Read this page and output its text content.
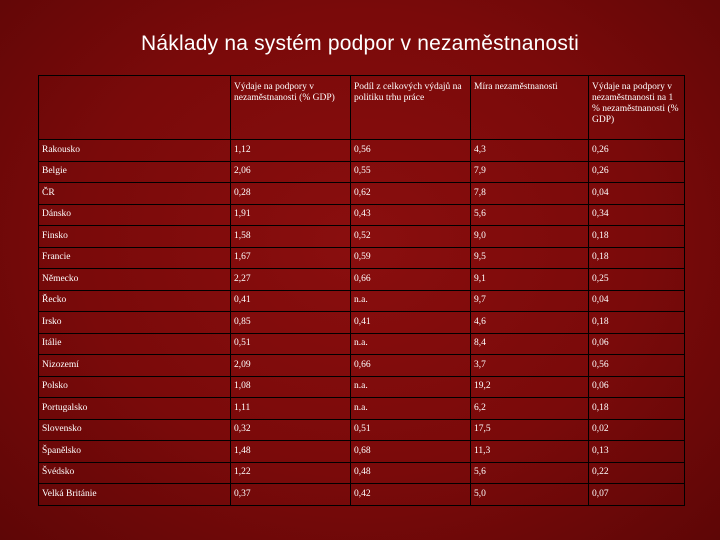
Náklady na systém podpor v nezaměstnanosti
	Výdaje na podpory v nezaměstnanosti (% GDP)	Podíl z celkových výdajů na politiku trhu práce	Míra nezaměstnanosti	Výdaje na podpory v nezaměstnanosti na 1 % nezaměstnanosti (% GDP)
Rakousko	1,12	0,56	4,3	0,26
Belgie	2,06	0,55	7,9	0,26
ČR	0,28	0,62	7,8	0,04
Dánsko	1,91	0,43	5,6	0,34
Finsko	1,58	0,52	9,0	0,18
Francie	1,67	0,59	9,5	0,18
Německo	2,27	0,66	9,1	0,25
Řecko	0,41	n.a.	9,7	0,04
Irsko	0,85	0,41	4,6	0,18
Itálie	0,51	n.a.	8,4	0,06
Nizozemí	2,09	0,66	3,7	0,56
Polsko	1,08	n.a.	19,2	0,06
Portugalsko	1,11	n.a.	6,2	0,18
Slovensko	0,32	0,51	17,5	0,02
Španělsko	1,48	0,68	11,3	0,13
Švédsko	1,22	0,48	5,6	0,22
Velká Británie	0,37	0,42	5,0	0,07
